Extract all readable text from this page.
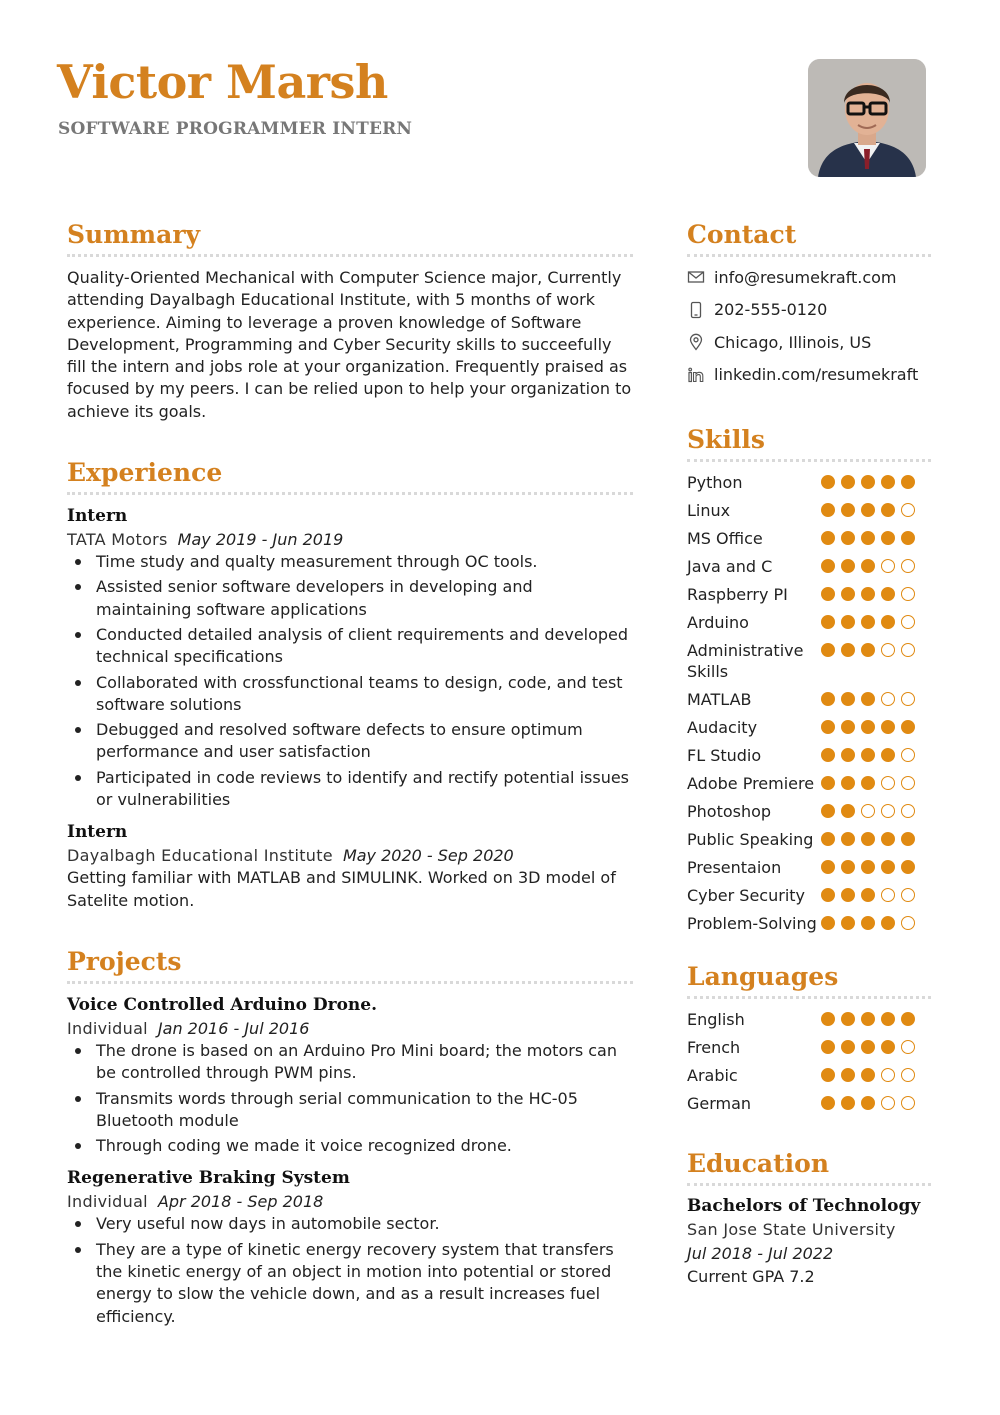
Victor Marsh
SOFTWARE PROGRAMMER INTERN
Summary

Quality-Oriented Mechanical with Computer Science major, Currently attending Dayalbagh Educational Institute, with 5 months of work experience. Aiming to leverage a proven knowledge of Software Development, Programming and Cyber Security skills to succeefully fill the intern and jobs role at your organization. Frequently praised as focused by my peers. I can be relied upon to help your organization to achieve its goals.

Experience
Intern
TATA Motors May 2019 - Jun 2019
Time study and qualty measurement through OC tools.
Assisted senior software developers in developing and maintaining software applications
Conducted detailed analysis of client requirements and developed technical specifications
Collaborated with crossfunctional teams to design, code, and test software solutions
Debugged and resolved software defects to ensure optimum performance and user satisfaction
Participated in code reviews to identify and rectify potential issues or vulnerabilities
Intern
Dayalbagh Educational Institute May 2020 - Sep 2020

Getting familiar with MATLAB and SIMULINK. Worked on 3D model of Satelite motion.

Projects
Voice Controlled Arduino Drone.
Individual Jan 2016 - Jul 2016
The drone is based on an Arduino Pro Mini board; the motors can be controlled through PWM pins.
Transmits words through serial communication to the HC-05 Bluetooth module
Through coding we made it voice recognized drone.
Regenerative Braking System
Individual Apr 2018 - Sep 2018
Very useful now days in automobile sector.
They are a type of kinetic energy recovery system that transfers the kinetic energy of an object in motion into potential or stored energy to slow the vehicle down, and as a result increases fuel efficiency.
Contact
info@resumekraft.com
202-555-0120
Chicago, Illinois, US
linkedin.com/resumekraft
Skills
Python
Linux
MS Office
Java and C
Raspberry PI
Arduino
Administrative Skills
MATLAB
Audacity
FL Studio
Adobe Premiere
Photoshop
Public Speaking
Presentaion
Cyber Security
Problem-Solving
Languages
English
French
Arabic
German
Education
Bachelors of Technology
San Jose State University
Jul 2018 - Jul 2022
Current GPA 7.2
